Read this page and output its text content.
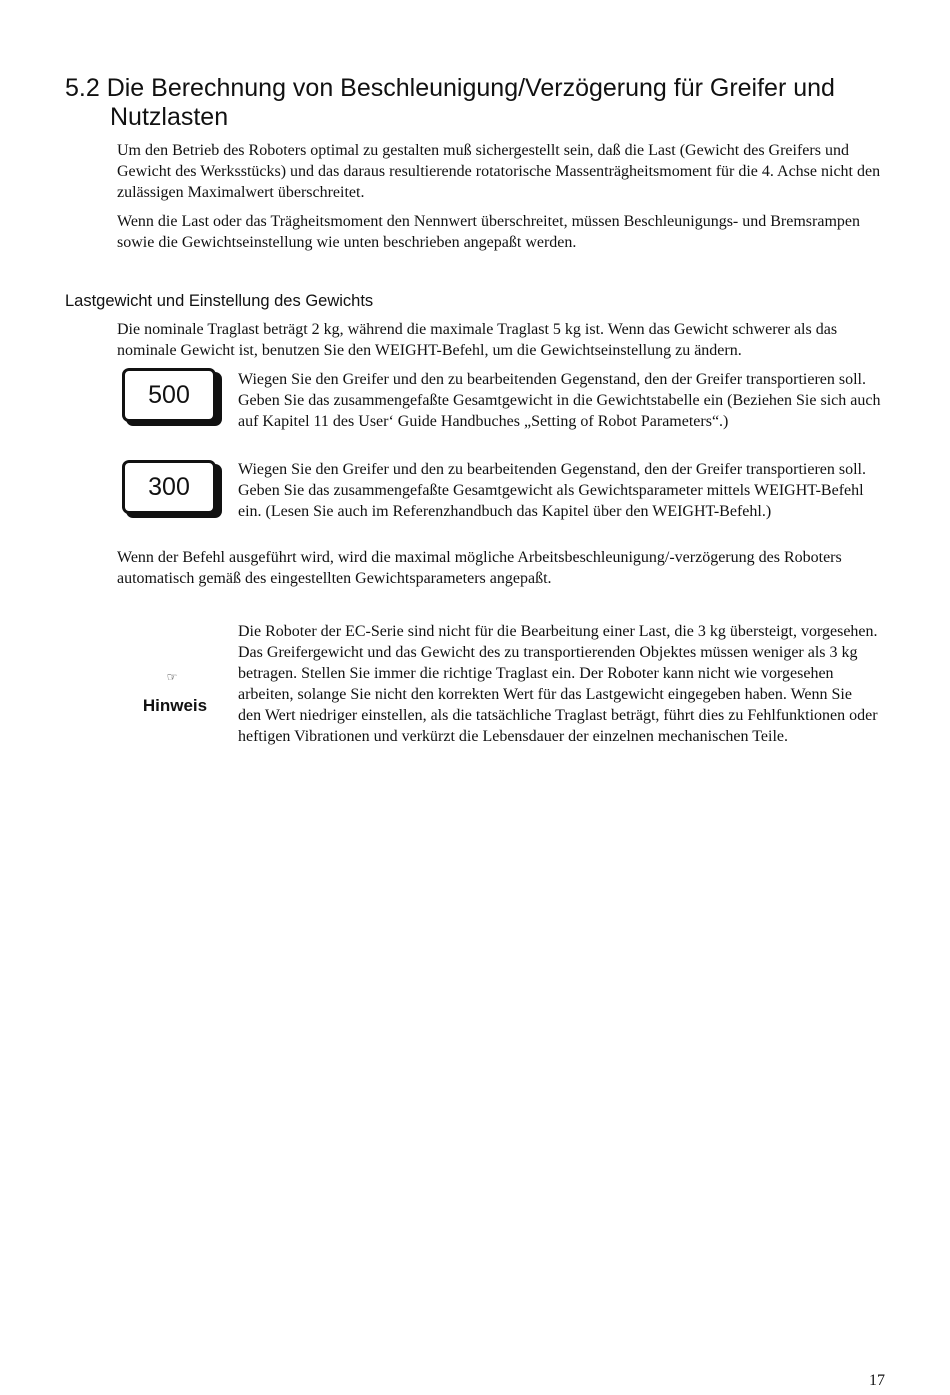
5.2 Die Berechnung von Beschleunigung/Verzögerung für Greifer und
Nutzlasten

Um den Betrieb des Roboters optimal zu gestalten muß sichergestellt sein, daß die Last (Gewicht des Greifers und Gewicht des Werksstücks) und das daraus resultierende rotatorische Massenträgheitsmoment für die 4. Achse nicht den zulässigen Maximalwert überschreitet.

Wenn die Last oder das Trägheitsmoment den Nennwert überschreitet, müssen Beschleunigungs- und Bremsrampen sowie die Gewichtseinstellung wie unten beschrieben angepaßt werden.

Lastgewicht und Einstellung des Gewichts

Die nominale Traglast beträgt 2 kg, während die maximale Traglast 5 kg ist. Wenn das Gewicht schwerer als das nominale Gewicht ist, benutzen Sie den WEIGHT-Befehl, um die Gewichtseinstellung zu ändern.

500

Wiegen Sie den Greifer und den zu bearbeitenden Gegenstand, den der Greifer transportieren soll. Geben Sie das zusammengefaßte Gesamtgewicht in die Gewichtstabelle ein (Beziehen Sie sich auch auf Kapitel 11 des User‘ Guide Handbuches „Setting of Robot Parameters“.)

300

Wiegen Sie den Greifer und den zu bearbeitenden Gegenstand, den der Greifer transportieren soll. Geben Sie das zusammengefaßte Gesamtgewicht als Gewichtsparameter mittels WEIGHT-Befehl ein. (Lesen Sie auch im Referenzhandbuch das Kapitel über den WEIGHT-Befehl.)

Wenn der Befehl ausgeführt wird, wird die maximal mögliche Arbeitsbeschleunigung/-verzögerung des Roboters automatisch gemäß des eingestellten Gewichtsparameters angepaßt.

☞
Hinweis

Die Roboter der EC-Serie sind nicht für die Bearbeitung einer Last, die 3 kg übersteigt, vorgesehen. Das Greifergewicht und das Gewicht des zu transportierenden Objektes müssen weniger als 3 kg betragen. Stellen Sie immer die richtige Traglast ein. Der Roboter kann nicht wie vorgesehen arbeiten, solange Sie nicht den korrekten Wert für das Lastgewicht eingegeben haben. Wenn Sie den Wert niedriger einstellen, als die tatsächliche Traglast beträgt, führt dies zu Fehlfunktionen oder heftigen Vibrationen und verkürzt die Lebensdauer der einzelnen mechanischen Teile.

17
